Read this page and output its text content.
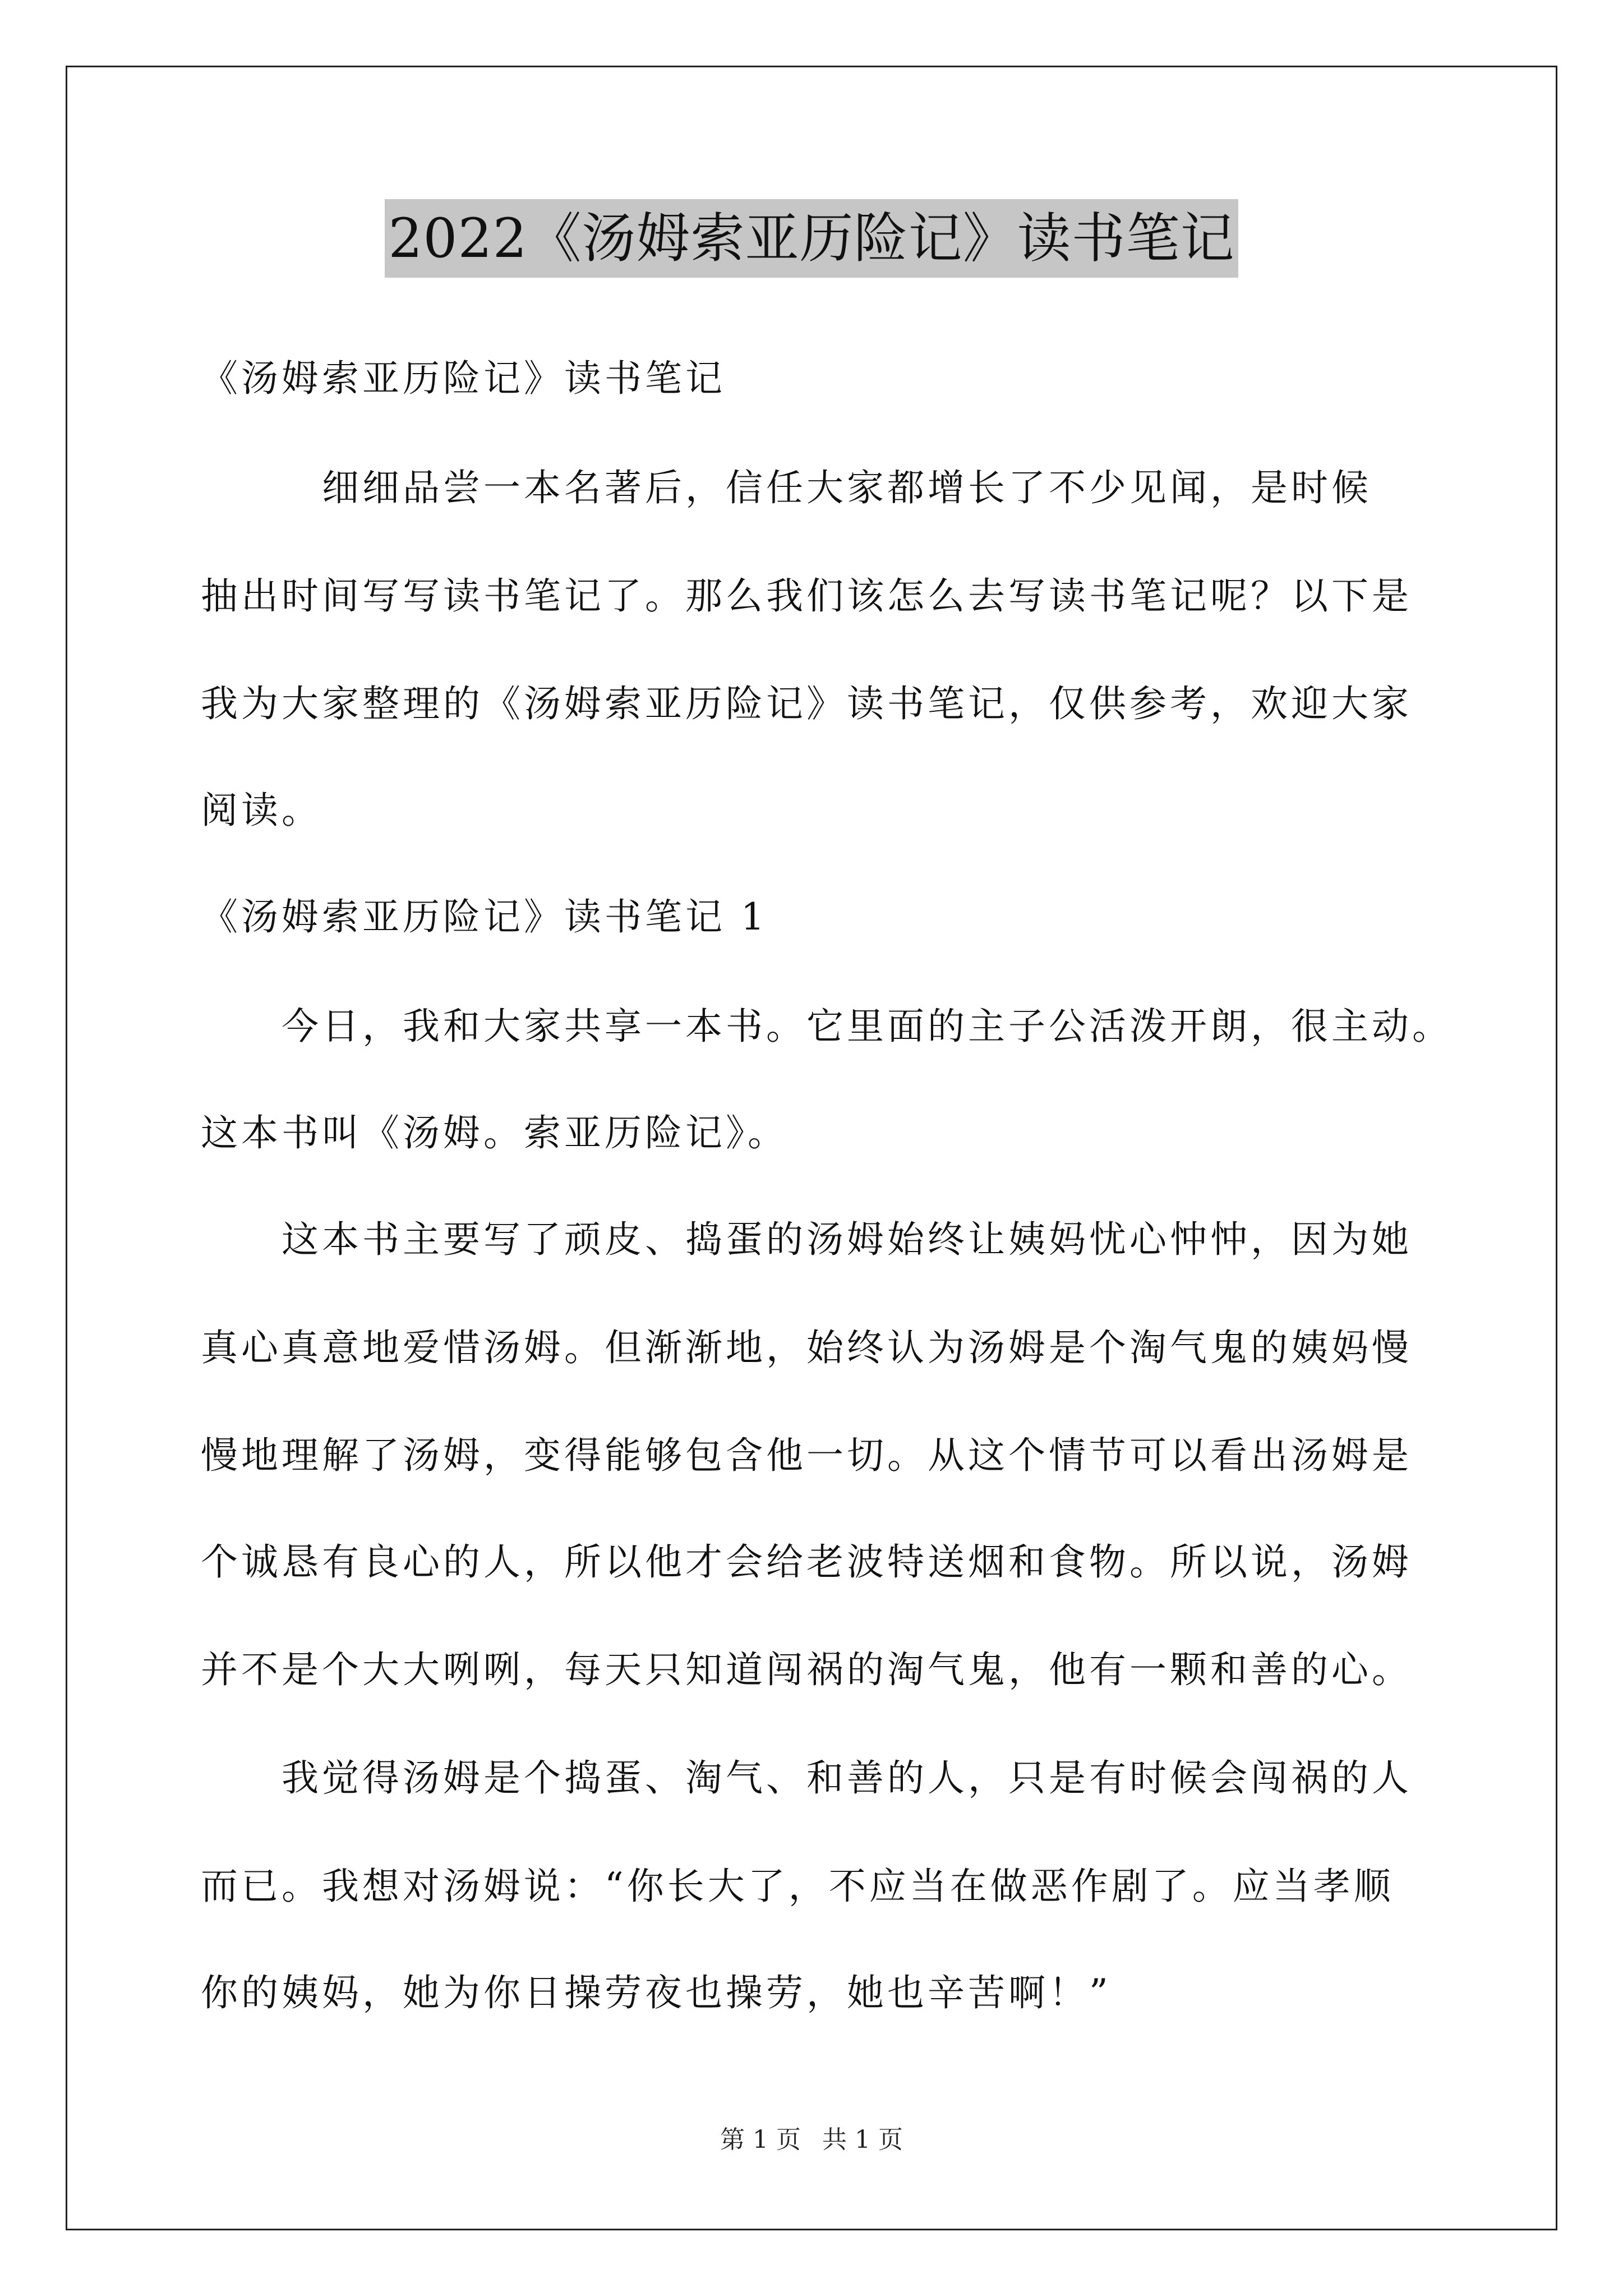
2022《汤姆索亚历险记》读书笔记
《汤姆索亚历险记》读书笔记
　　　细细品尝一本名著后，信任大家都增长了不少见闻，是时候
抽出时间写写读书笔记了。那么我们该怎么去写读书笔记呢？以下是
我为大家整理的《汤姆索亚历险记》读书笔记，仅供参考，欢迎大家
阅读。
《汤姆索亚历险记》读书笔记 1
　　今日，我和大家共享一本书。它里面的主子公活泼开朗，很主动。
这本书叫《汤姆。索亚历险记》。
　　这本书主要写了顽皮、捣蛋的汤姆始终让姨妈忧心忡忡，因为她
真心真意地爱惜汤姆。但渐渐地，始终认为汤姆是个淘气鬼的姨妈慢
慢地理解了汤姆，变得能够包含他一切。从这个情节可以看出汤姆是
个诚恳有良心的人，所以他才会给老波特送烟和食物。所以说，汤姆
并不是个大大咧咧，每天只知道闯祸的淘气鬼，他有一颗和善的心。
　　我觉得汤姆是个捣蛋、淘气、和善的人，只是有时候会闯祸的人
而已。我想对汤姆说：“你长大了，不应当在做恶作剧了。应当孝顺
你的姨妈，她为你日操劳夜也操劳，她也辛苦啊！”
第 1 页 共 1 页
